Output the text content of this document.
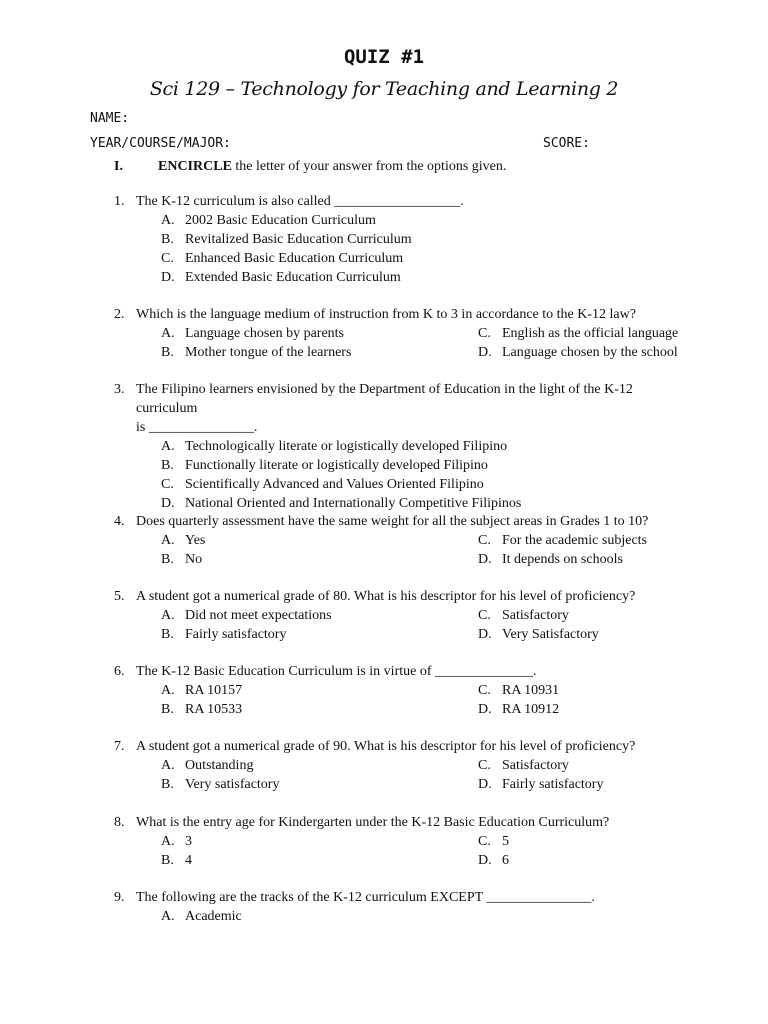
QUIZ #1
Sci 129 – Technology for Teaching and Learning 2
NAME:
YEAR/COURSE/MAJOR:	SCORE:
I.	ENCIRCLE the letter of your answer from the options given.
1. The K-12 curriculum is also called __________________.
A. 2002 Basic Education Curriculum
B. Revitalized Basic Education Curriculum
C. Enhanced Basic Education Curriculum
D. Extended Basic Education Curriculum
2. Which is the language medium of instruction from K to 3 in accordance to the K-12 law?
A. Language chosen by parents
B. Mother tongue of the learners
C. English as the official language
D. Language chosen by the school
3. The Filipino learners envisioned by the Department of Education in the light of the K-12 curriculum
is _______________.
A. Technologically literate or logistically developed Filipino
B. Functionally literate or logistically developed Filipino
C. Scientifically Advanced and Values Oriented Filipino
D. National Oriented and Internationally Competitive Filipinos
4. Does quarterly assessment have the same weight for all the subject areas in Grades 1 to 10?
A. Yes
B. No
C. For the academic subjects
D. It depends on schools
5. A student got a numerical grade of 80. What is his descriptor for his level of proficiency?
A. Did not meet expectations
B. Fairly satisfactory
C. Satisfactory
D. Very Satisfactory
6. The K-12 Basic Education Curriculum is in virtue of ______________.
A. RA 10157
B. RA 10533
C. RA 10931
D. RA 10912
7. A student got a numerical grade of 90. What is his descriptor for his level of proficiency?
A. Outstanding
B. Very satisfactory
C. Satisfactory
D. Fairly satisfactory
8. What is the entry age for Kindergarten under the K-12 Basic Education Curriculum?
A. 3
B. 4
C. 5
D. 6
9. The following are the tracks of the K-12 curriculum EXCEPT _______________.
A. Academic
